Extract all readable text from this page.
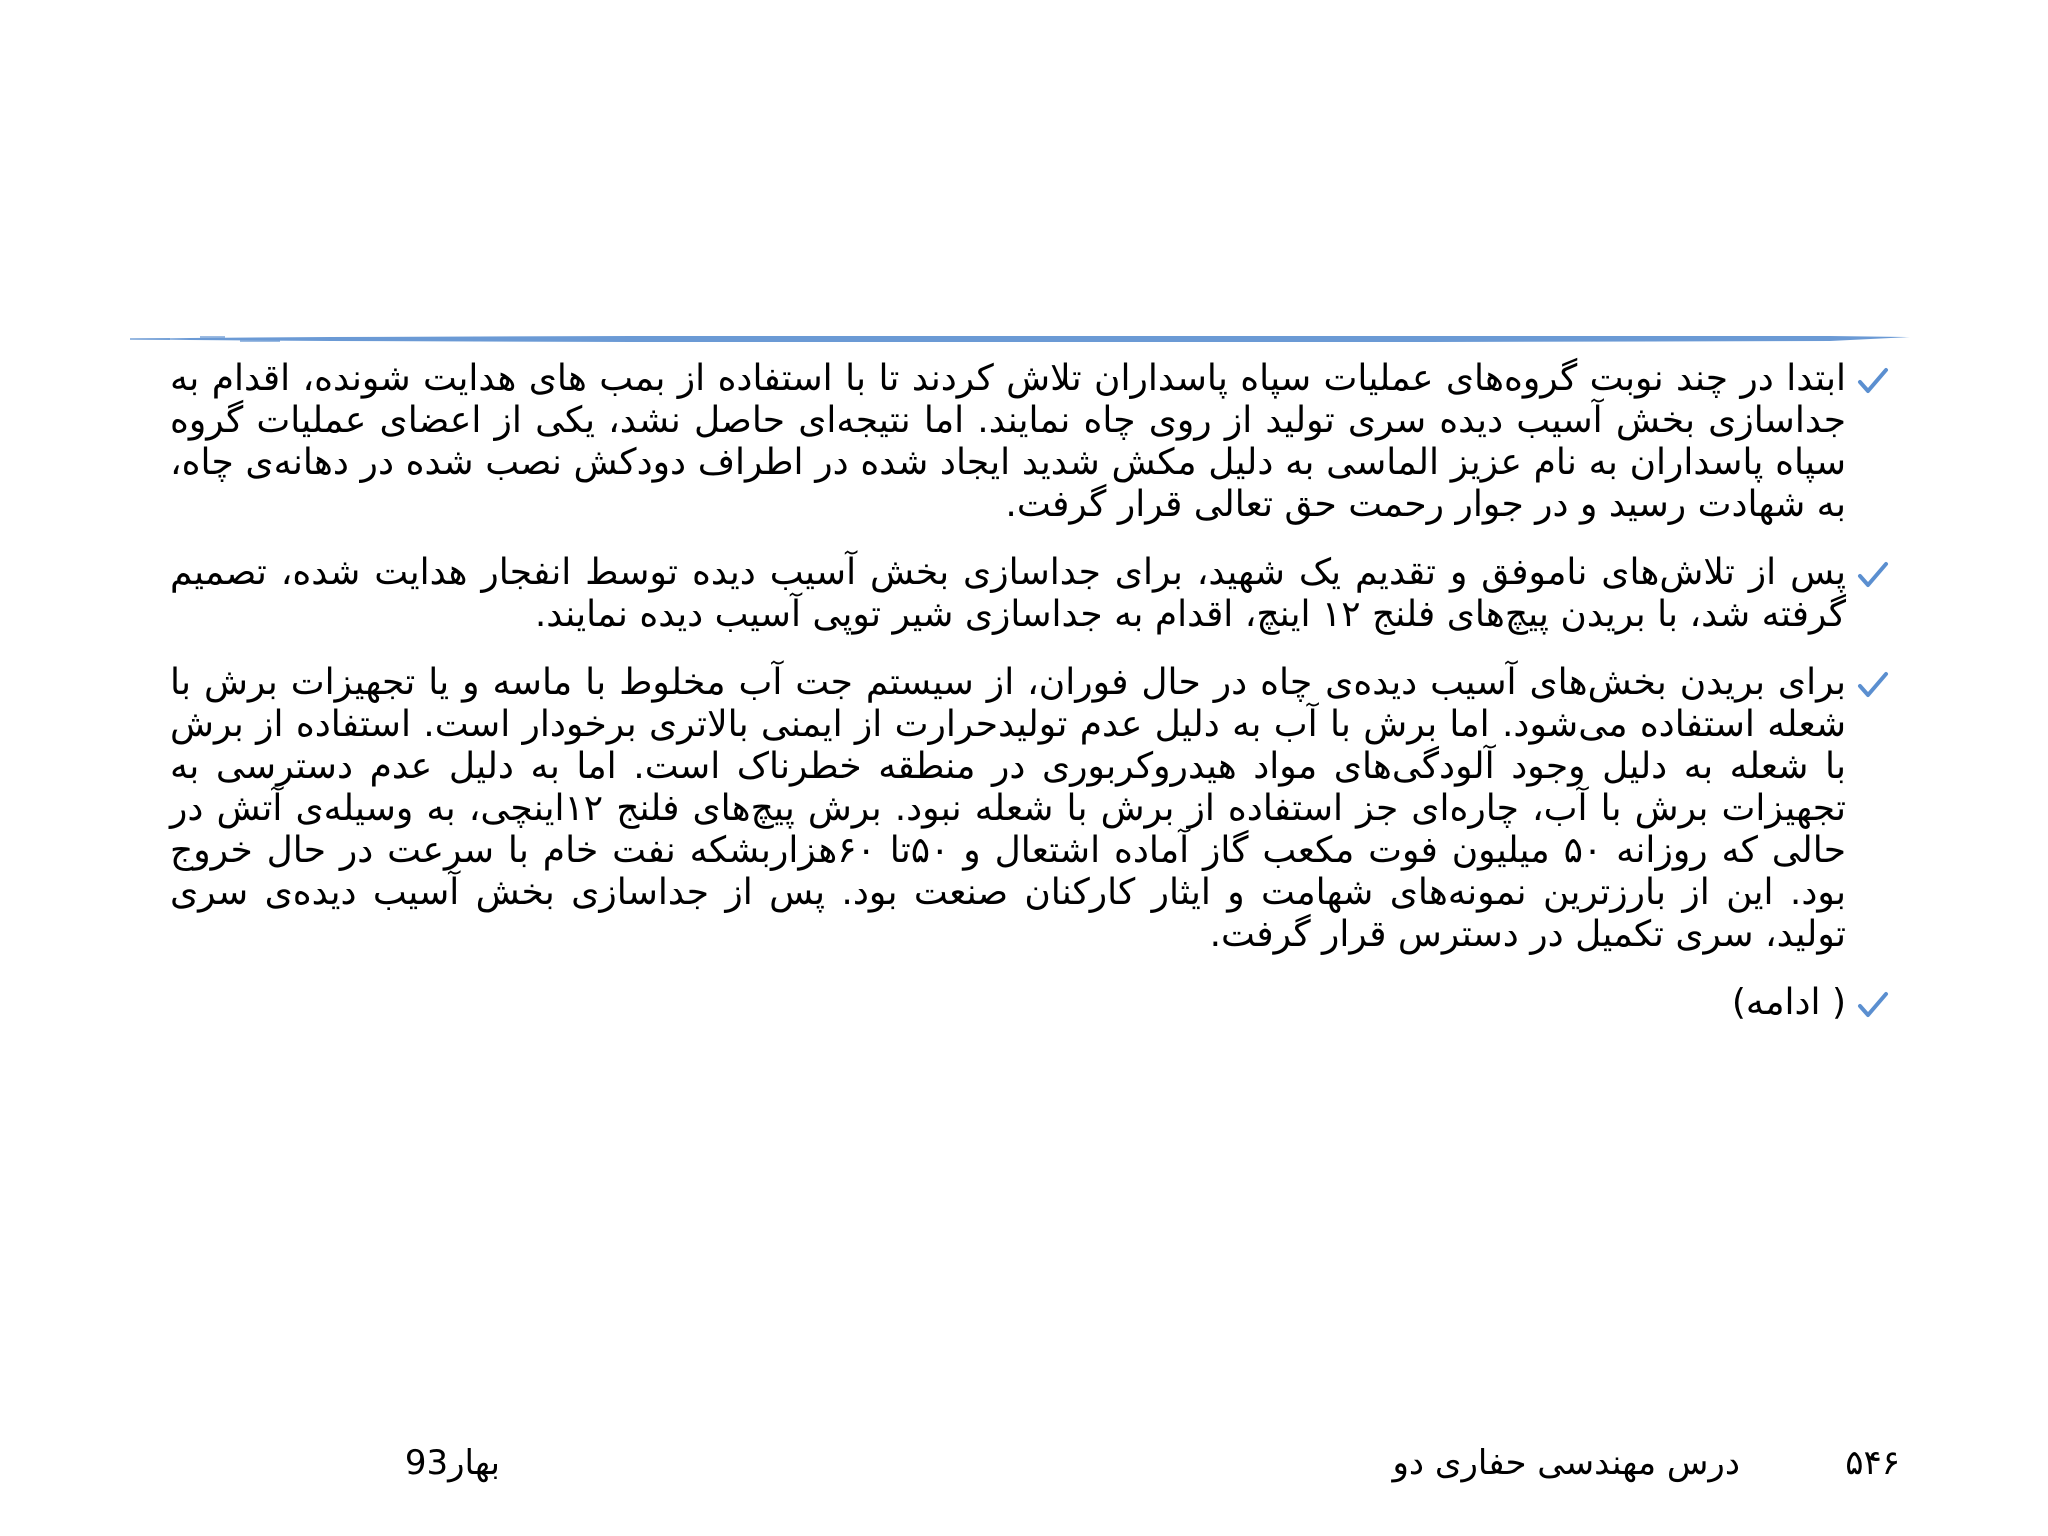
ابتدا در چند نوبت گروه‌های عملیات سپاه پاسداران تلاش کردند تا با استفاده از بمب های هدایت شونده، اقدام به جداسازی بخش آسیب دیده سری تولید از روی چاه نمایند. اما نتیجه‌ای حاصل نشد، یکی از اعضای عملیات گروه سپاه پاسداران به نام عزیز الماسی به دلیل مکش شدید ایجاد شده در اطراف دودکش نصب شده در دهانه‌ی چاه، به شهادت رسید و در جوار رحمت حق تعالی قرار گرفت.
پس از تلاش‌های ناموفق و تقدیم یک شهید، برای جداسازی بخش آسیب دیده توسط انفجار هدایت شده، تصمیم گرفته شد، با بریدن پیچ‌های فلنج ۱۲ اینچ، اقدام به جداسازی شیر توپی آسیب دیده نمایند.
برای بریدن بخش‌های آسیب دیده‌ی چاه در حال فوران، از سیستم جت آب مخلوط با ماسه و یا تجهیزات برش با شعله استفاده می‌شود. اما برش با آب به دلیل عدم تولیدحرارت از ایمنی بالاتری برخودار است. استفاده از برش با شعله به دلیل وجود آلودگی‌های مواد هیدروکربوری در منطقه خطرناک است. اما به دلیل عدم دسترسی به تجهیزات برش با آب، چاره‌ای جز استفاده از برش با شعله نبود. برش پیچ‌های فلنج ۱۲اینچی، به وسیله‌ی آتش در حالی که روزانه ۵۰ میلیون فوت مکعب گاز آماده اشتعال و ۵۰تا ۶۰هزاربشکه نفت خام با سرعت در حال خروج بود. این از بارزترین نمونه‌های شهامت و ایثار کارکنان صنعت بود. پس از جداسازی بخش آسیب دیده‌ی سری تولید، سری تکمیل در دسترس قرار گرفت.
( ادامه)
۵۴۶
درس مهندسی حفاری دو
بهار93
